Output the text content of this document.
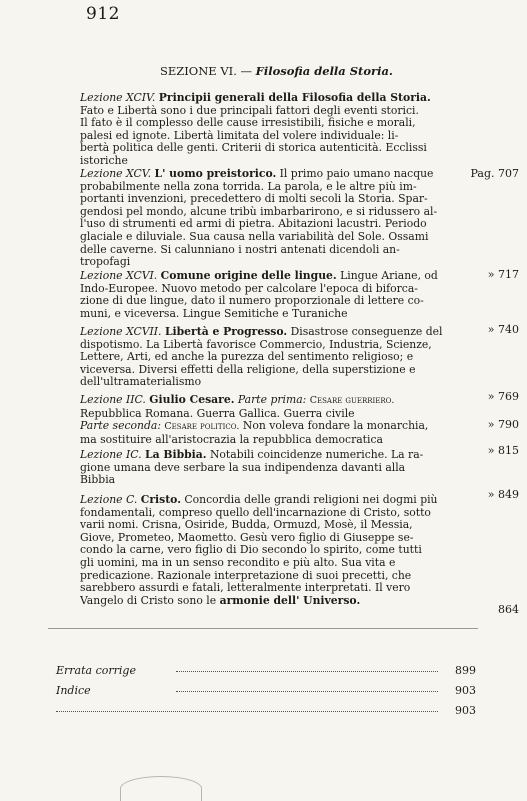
912
SEZIONE VI. — Filosofia della Storia.
Lezione XCIV. Principii generali della Filosofia della Storia.
Fato e Libertà sono i due principali fattori degli eventi storici.
Il fato è il complesso delle cause irresistibili, fisiche e morali,
palesi ed ignote. Libertà limitata del volere individuale: li-
bertà politica delle genti. Criterii di storica autenticità. Ecclissi
istoriche
Pag. 707
Lezione XCV. L' uomo preistorico. Il primo paio umano nacque
probabilmente nella zona torrida. La parola, e le altre più im-
portanti invenzioni, precedettero di molti secoli la Storia. Spar-
gendosi pel mondo, alcune tribù imbarbarirono, e si ridussero al-
l'uso di strumenti ed armi di pietra. Abitazioni lacustri. Periodo
glaciale e diluviale. Sua causa nella variabilità del Sole. Ossami
delle caverne. Si calunniano i nostri antenati dicendoli an-
tropofagi
» 717
Lezione XCVI. Comune origine delle lingue. Lingue Ariane, od
Indo-Europee. Nuovo metodo per calcolare l'epoca di biforca-
zione di due lingue, dato il numero proporzionale di lettere co-
muni, e viceversa. Lingue Semitiche e Turaniche
» 740
Lezione XCVII. Libertà e Progresso. Disastrose conseguenze del
dispotismo. La Libertà favorisce Commercio, Industria, Scienze,
Lettere, Arti, ed anche la purezza del sentimento religioso; e
viceversa. Diversi effetti della religione, della superstizione e
dell'ultramaterialismo
» 769
Lezione IIC. Giulio Cesare. Parte prima: Cesare guerriero.
Repubblica Romana. Guerra Gallica. Guerra civile
Parte seconda: Cesare politico. Non voleva fondare la monarchia,
ma sostituire all'aristocrazia la repubblica democratica
» 790
» 815
Lezione IC. La Bibbia. Notabili coincidenze numeriche. La ra-
gione umana deve serbare la sua indipendenza davanti alla
Bibbia
» 849
Lezione C. Cristo. Concordia delle grandi religioni nei dogmi più
fondamentali, compreso quello dell'incarnazione di Cristo, sotto
varii nomi. Crisna, Osiride, Budda, Ormuzd, Mosè, il Messia,
Giove, Prometeo, Maometto. Gesù vero figlio di Giuseppe se-
condo la carne, vero figlio di Dio secondo lo spirito, come tutti
gli uomini, ma in un senso recondito e più alto. Sua vita e
predicazione. Razionale interpretazione di suoi precetti, che
sarebbero assurdi e fatali, letteralmente interpretati. Il vero
Vangelo di Cristo sono le armonie dell' Universo.
864
Errata corrige	899
Indice	903
903
